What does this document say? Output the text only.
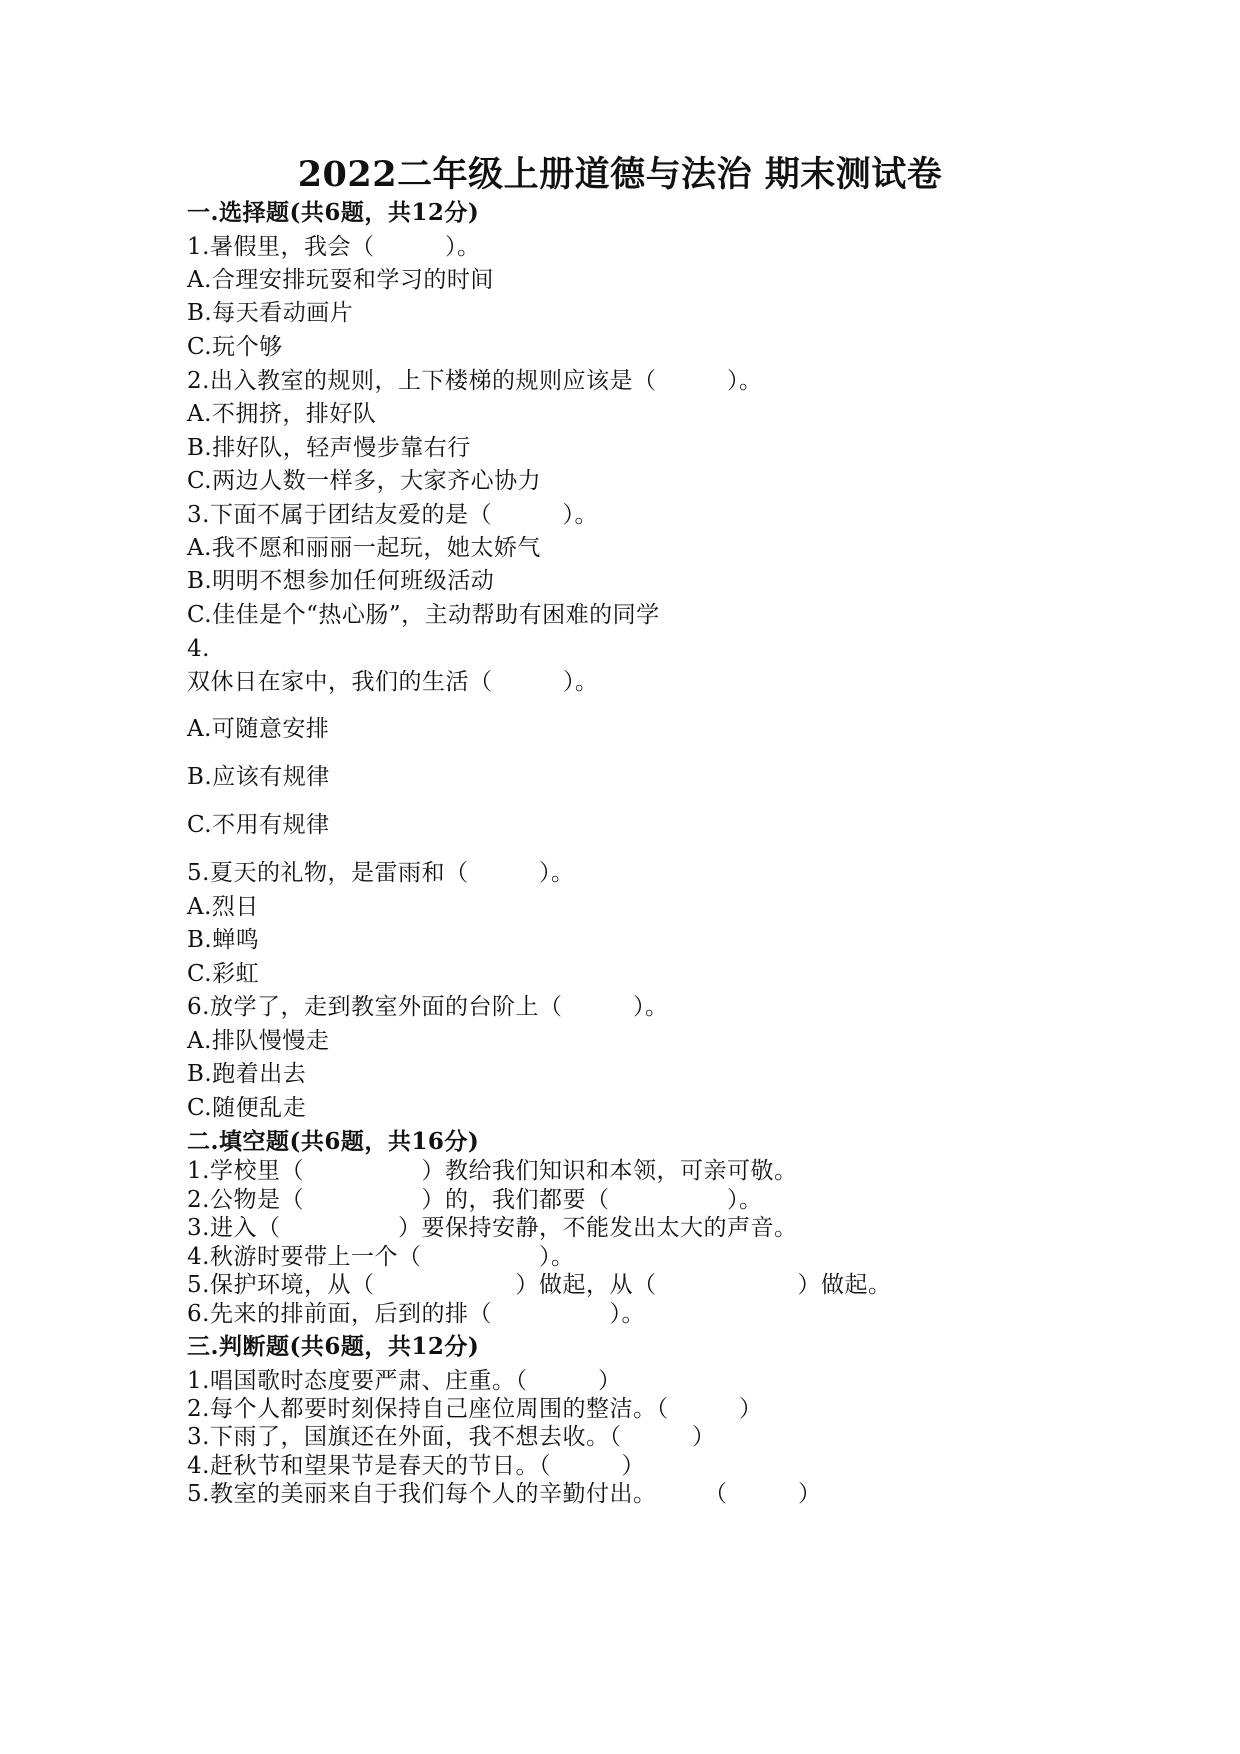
2022二年级上册道德与法治 期末测试卷
一.选择题(共6题，共12分)
1.暑假里，我会（　　　）。
A.合理安排玩耍和学习的时间
B.每天看动画片
C.玩个够
2.出入教室的规则，上下楼梯的规则应该是（　　　）。
A.不拥挤，排好队
B.排好队，轻声慢步靠右行
C.两边人数一样多，大家齐心协力
3.下面不属于团结友爱的是（　　　）。
A.我不愿和丽丽一起玩，她太娇气
B.明明不想参加任何班级活动
C.佳佳是个“热心肠”，主动帮助有困难的同学
4.
双休日在家中，我们的生活（　　　）。
A.可随意安排
B.应该有规律
C.不用有规律
5.夏天的礼物，是雷雨和（　　　）。
A.烈日
B.蝉鸣
C.彩虹
6.放学了，走到教室外面的台阶上（　　　）。
A.排队慢慢走
B.跑着出去
C.随便乱走
二.填空题(共6题，共16分)
1.学校里（　　　　　）教给我们知识和本领，可亲可敬。
2.公物是（　　　　　）的，我们都要（　　　　　）。
3.进入（　　　　　）要保持安静，不能发出太大的声音。
4.秋游时要带上一个（　　　　　）。
5.保护环境，从（　　　　　　）做起，从（　　　　　　）做起。
6.先来的排前面，后到的排（　　　　　）。
三.判断题(共6题，共12分)
1.唱国歌时态度要严肃、庄重。（　　　）
2.每个人都要时刻保持自己座位周围的整洁。（　　　）
3.下雨了，国旗还在外面，我不想去收。（　　　）
4.赶秋节和望果节是春天的节日。（　　　）
5.教室的美丽来自于我们每个人的辛勤付出。　　　（　　　）
